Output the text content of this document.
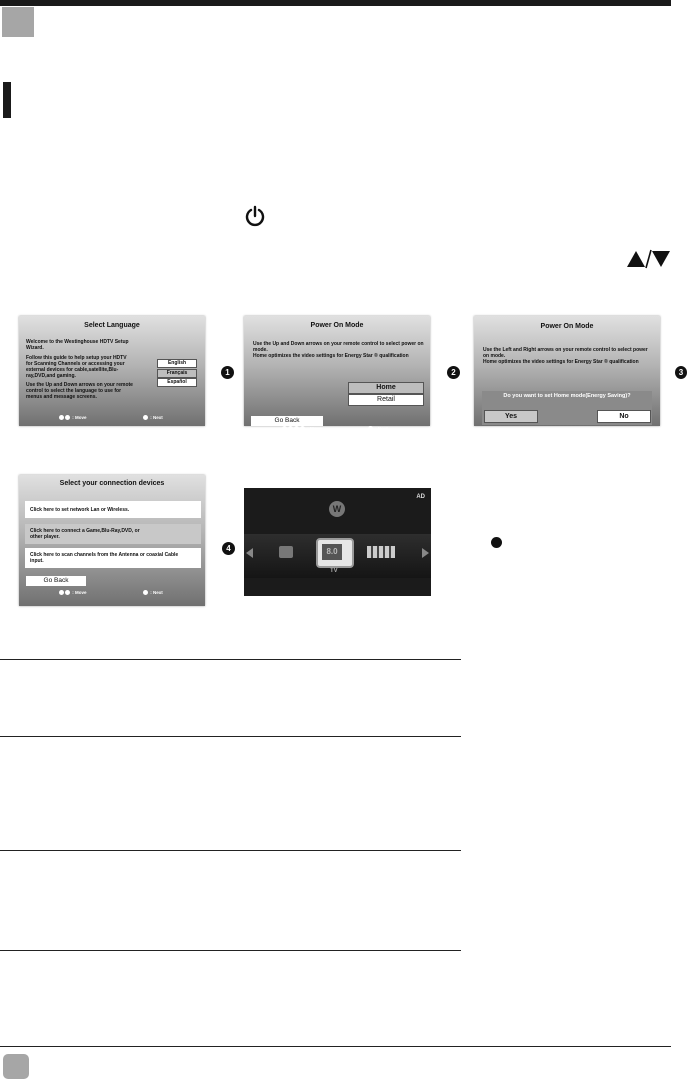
Select Language
Welcome to the Westinghouse HDTV Setup Wizard.
Follow this guide to help setup your HDTV for Scanning Channels or accessing your external devices for cable,satellite,Blu-ray,DVD,and gaming.
Use the Up and Down arrows on your remote control to select the language to use for menus and message screens.
English
Français
Español
: Move	: Next
1
Power On Mode
Use the Up and Down arrows on your remote control to select power on mode.
Home optimizes the video settings for Energy Star ® qualification
Home
Retail
Go Back
: Move	: Next
2
Power On Mode
Use the Left and Right arrows on your remote control to select power on mode.
Home optimizes the video settings for Energy Star ® qualification
Do you want to set Home mode(Energy Saving)?
Yes	No
: Move	: Next
3
Select your connection devices
Click here to set network Lan or Wireless.
Click here to connect a Game,Blu-Ray,DVD, or other player.
Click here to scan channels from the Antenna or coaxial Cable input.
Go Back
: Move	: Next
4
W
AD
8.0
TV
